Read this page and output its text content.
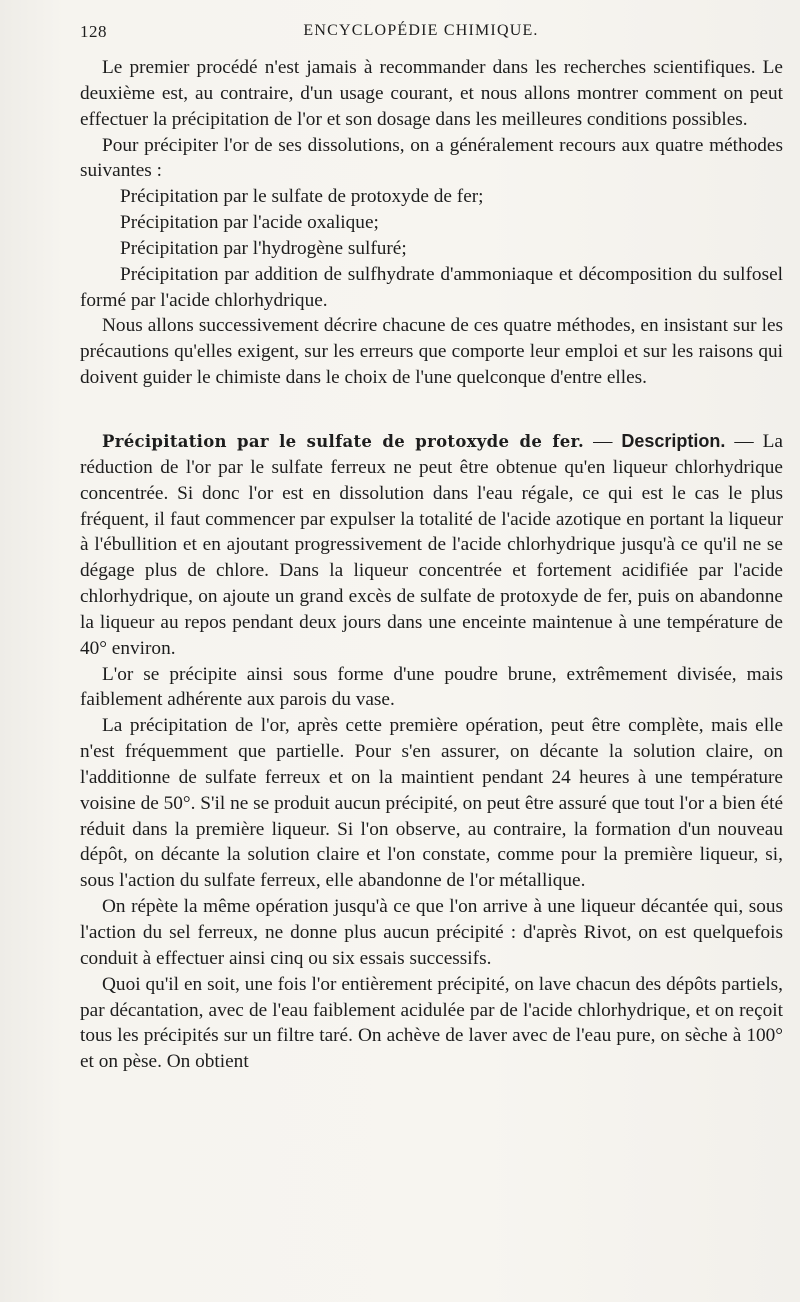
128	ENCYCLOPÉDIE CHIMIQUE.

Le premier procédé n'est jamais à recommander dans les recherches scientifiques. Le deuxième est, au contraire, d'un usage courant, et nous allons montrer comment on peut effectuer la précipitation de l'or et son dosage dans les meilleures conditions possibles.

Pour précipiter l'or de ses dissolutions, on a généralement recours aux quatre méthodes suivantes :

Précipitation par le sulfate de protoxyde de fer;

Précipitation par l'acide oxalique;

Précipitation par l'hydrogène sulfuré;

Précipitation par addition de sulfhydrate d'ammoniaque et décomposition du sulfosel formé par l'acide chlorhydrique.

Nous allons successivement décrire chacune de ces quatre méthodes, en insistant sur les précautions qu'elles exigent, sur les erreurs que comporte leur emploi et sur les raisons qui doivent guider le chimiste dans le choix de l'une quelconque d'entre elles.

Précipitation par le sulfate de protoxyde de fer. — Description. — La réduction de l'or par le sulfate ferreux ne peut être obtenue qu'en liqueur chlorhydrique concentrée. Si donc l'or est en dissolution dans l'eau régale, ce qui est le cas le plus fréquent, il faut commencer par expulser la totalité de l'acide azotique en portant la liqueur à l'ébullition et en ajoutant progressivement de l'acide chlorhydrique jusqu'à ce qu'il ne se dégage plus de chlore. Dans la liqueur concentrée et fortement acidifiée par l'acide chlorhydrique, on ajoute un grand excès de sulfate de protoxyde de fer, puis on abandonne la liqueur au repos pendant deux jours dans une enceinte maintenue à une température de 40° environ.

L'or se précipite ainsi sous forme d'une poudre brune, extrêmement divisée, mais faiblement adhérente aux parois du vase.

La précipitation de l'or, après cette première opération, peut être complète, mais elle n'est fréquemment que partielle. Pour s'en assurer, on décante la solution claire, on l'additionne de sulfate ferreux et on la maintient pendant 24 heures à une température voisine de 50°. S'il ne se produit aucun précipité, on peut être assuré que tout l'or a bien été réduit dans la première liqueur. Si l'on observe, au contraire, la formation d'un nouveau dépôt, on décante la solution claire et l'on constate, comme pour la première liqueur, si, sous l'action du sulfate ferreux, elle abandonne de l'or métallique.

On répète la même opération jusqu'à ce que l'on arrive à une liqueur décantée qui, sous l'action du sel ferreux, ne donne plus aucun précipité : d'après Rivot, on est quelquefois conduit à effectuer ainsi cinq ou six essais successifs.

Quoi qu'il en soit, une fois l'or entièrement précipité, on lave chacun des dépôts partiels, par décantation, avec de l'eau faiblement acidulée par de l'acide chlorhydrique, et on reçoit tous les précipités sur un filtre taré. On achève de laver avec de l'eau pure, on sèche à 100° et on pèse. On obtient
